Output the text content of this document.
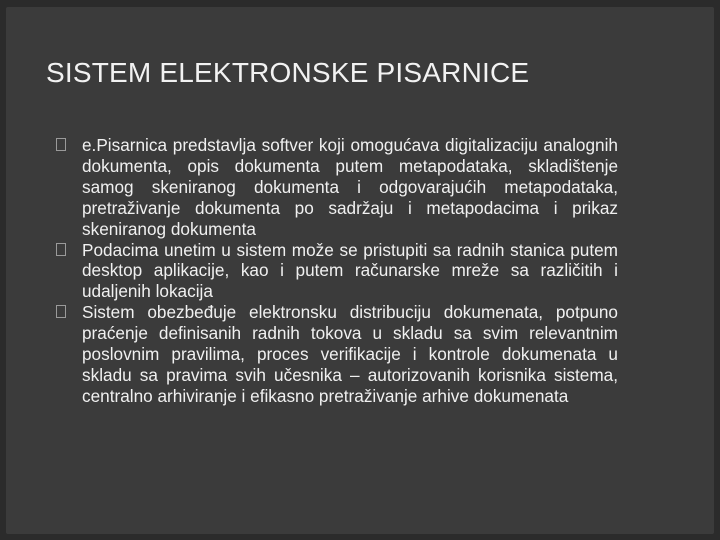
SISTEM ELEKTRONSKE PISARNICE
e.Pisarnica predstavlja softver koji omogućava digitalizaciju analognih dokumenta, opis dokumenta putem metapodataka, skladištenje samog skeniranog dokumenta i odgovarajućih metapodataka, pretraživanje dokumenta po sadržaju i metapodacima i prikaz skeniranog dokumenta
Podacima unetim u sistem može se pristupiti sa radnih stanica putem desktop aplikacije, kao i putem računarske mreže sa različitih i udaljenih lokacija
Sistem obezbeđuje elektronsku distribuciju dokumenata, potpuno praćenje definisanih radnih tokova u skladu sa svim relevantnim poslovnim pravilima, proces verifikacije i kontrole dokumenata u skladu sa pravima svih učesnika – autorizovanih korisnika sistema, centralno arhiviranje i efikasno pretraživanje arhive dokumenata
